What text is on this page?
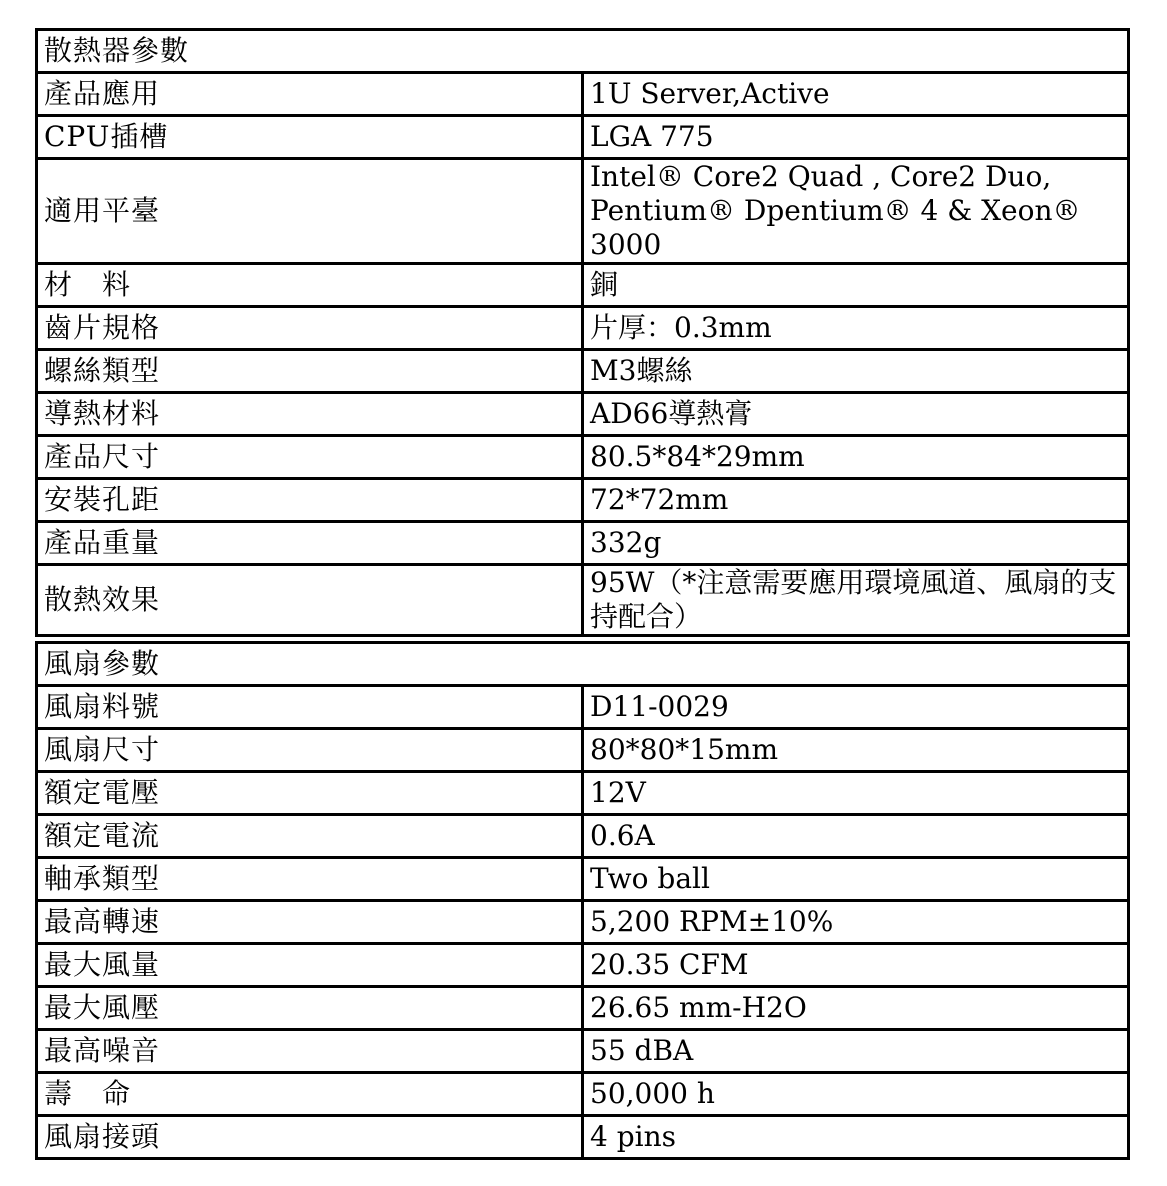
散熱器參數	
產品應用	1U Server,Active
CPU插槽	LGA 775
適用平臺	Intel® Core2 Quad , Core2 Duo, Pentium® Dpentium® 4 & Xeon® 3000
材　料	銅
齒片規格	片厚：0.3mm
螺絲類型	M3螺絲
導熱材料	AD66導熱膏
產品尺寸	80.5*84*29mm
安裝孔距	72*72mm
產品重量	332g
散熱效果	95W（*注意需要應用環境風道、風扇的支持配合）
風扇參數	
風扇料號	D11-0029
風扇尺寸	80*80*15mm
額定電壓	12V
額定電流	0.6A
軸承類型	Two ball
最高轉速	5,200 RPM±10%
最大風量	20.35 CFM
最大風壓	26.65 mm-H2O
最高噪音	55 dBA
壽　命	50,000 h
風扇接頭	4 pins
